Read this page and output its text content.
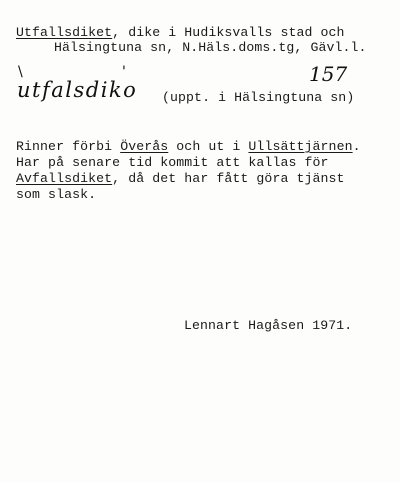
Utfallsdiket, dike i Hudiksvalls stad och
Hälsingtuna sn, N.Häls.doms.tg, Gävl.l.
\	'	157
utfalsdiko (uppt. i Hälsingtuna sn)
Rinner förbi Överås och ut i Ullsättjärnen.
Har på senare tid kommit att kallas för
Avfallsdiket, då det har fått göra tjänst
som slask.
Lennart Hagåsen 1971.
